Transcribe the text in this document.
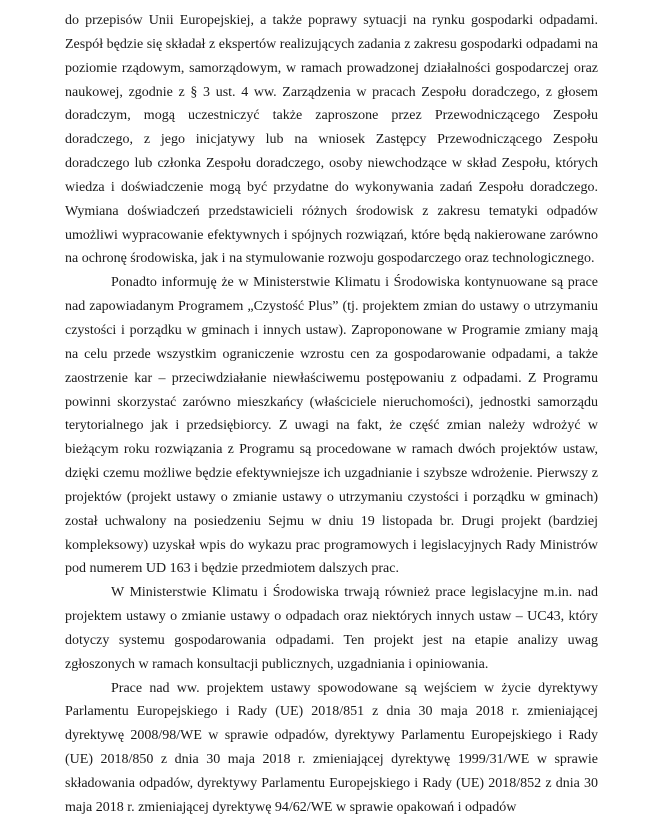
do przepisów Unii Europejskiej, a także poprawy sytuacji na rynku gospodarki odpadami. Zespół będzie się składał z ekspertów realizujących zadania z zakresu gospodarki odpadami na poziomie rządowym, samorządowym, w ramach prowadzonej działalności gospodarczej oraz naukowej, zgodnie z § 3 ust. 4 ww. Zarządzenia w pracach Zespołu doradczego, z głosem doradczym, mogą uczestniczyć także zaproszone przez Przewodniczącego Zespołu doradczego, z jego inicjatywy lub na wniosek Zastępcy Przewodniczącego Zespołu doradczego lub członka Zespołu doradczego, osoby niewchodzące w skład Zespołu, których wiedza i doświadczenie mogą być przydatne do wykonywania zadań Zespołu doradczego. Wymiana doświadczeń przedstawicieli różnych środowisk z zakresu tematyki odpadów umożliwi wypracowanie efektywnych i spójnych rozwiązań, które będą nakierowane zarówno na ochronę środowiska, jak i na stymulowanie rozwoju gospodarczego oraz technologicznego.

Ponadto informuję że w Ministerstwie Klimatu i Środowiska kontynuowane są prace nad zapowiadanym Programem „Czystość Plus” (tj. projektem zmian do ustawy o utrzymaniu czystości i porządku w gminach i innych ustaw). Zaproponowane w Programie zmiany mają na celu przede wszystkim ograniczenie wzrostu cen za gospodarowanie odpadami, a także zaostrzenie kar – przeciwdziałanie niewłaściwemu postępowaniu z odpadami. Z Programu powinni skorzystać zarówno mieszkańcy (właściciele nieruchomości), jednostki samorządu terytorialnego jak i przedsiębiorcy. Z uwagi na fakt, że część zmian należy wdrożyć w bieżącym roku rozwiązania z Programu są procedowane w ramach dwóch projektów ustaw, dzięki czemu możliwe będzie efektywniejsze ich uzgadnianie i szybsze wdrożenie. Pierwszy z projektów (projekt ustawy o zmianie ustawy o utrzymaniu czystości i porządku w gminach) został uchwalony na posiedzeniu Sejmu w dniu 19 listopada br. Drugi projekt (bardziej kompleksowy) uzyskał wpis do wykazu prac programowych i legislacyjnych Rady Ministrów pod numerem UD 163 i będzie przedmiotem dalszych prac.

W Ministerstwie Klimatu i Środowiska trwają również prace legislacyjne m.in. nad projektem ustawy o zmianie ustawy o odpadach oraz niektórych innych ustaw – UC43, który dotyczy systemu gospodarowania odpadami. Ten projekt jest na etapie analizy uwag zgłoszonych w ramach konsultacji publicznych, uzgadniania i opiniowania.

Prace nad ww. projektem ustawy spowodowane są wejściem w życie dyrektywy Parlamentu Europejskiego i Rady (UE) 2018/851 z dnia 30 maja 2018 r. zmieniającej dyrektywę 2008/98/WE w sprawie odpadów, dyrektywy Parlamentu Europejskiego i Rady (UE) 2018/850 z dnia 30 maja 2018 r. zmieniającej dyrektywę 1999/31/WE w sprawie składowania odpadów, dyrektywy Parlamentu Europejskiego i Rady (UE) 2018/852 z dnia 30 maja 2018 r. zmieniającej dyrektywę 94/62/WE w sprawie opakowań i odpadów
